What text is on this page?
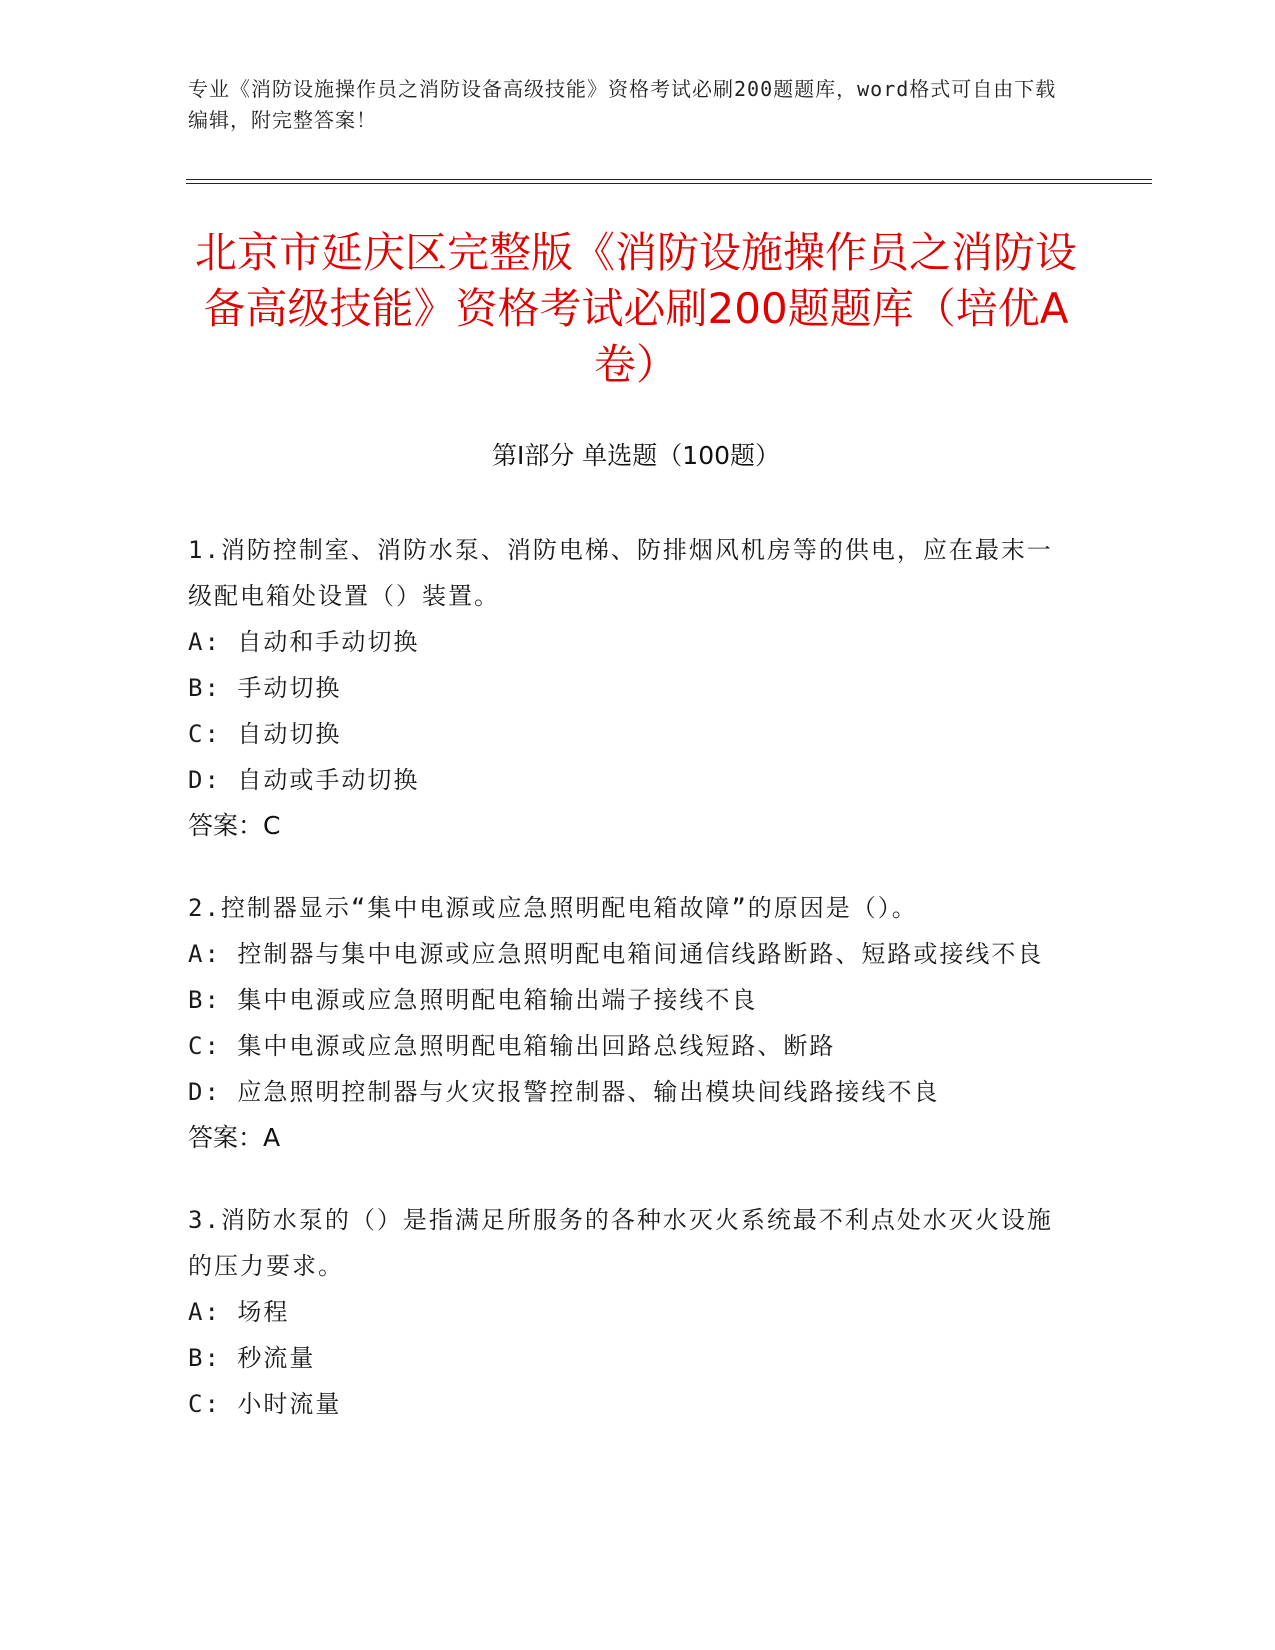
专业《消防设施操作员之消防设备高级技能》资格考试必刷200题题库，word格式可自由下载编辑，附完整答案！
北京市延庆区完整版《消防设施操作员之消防设备高级技能》资格考试必刷200题题库（培优A卷）
第I部分 单选题（100题）
1.消防控制室、消防水泵、消防电梯、防排烟风机房等的供电，应在最末一级配电箱处设置（）装置。
A: 自动和手动切换
B: 手动切换
C: 自动切换
D: 自动或手动切换
答案：C
2.控制器显示“集中电源或应急照明配电箱故障”的原因是（）。
A: 控制器与集中电源或应急照明配电箱间通信线路断路、短路或接线不良
B: 集中电源或应急照明配电箱输出端子接线不良
C: 集中电源或应急照明配电箱输出回路总线短路、断路
D: 应急照明控制器与火灾报警控制器、输出模块间线路接线不良
答案：A
3.消防水泵的（）是指满足所服务的各种水灭火系统最不利点处水灭火设施的压力要求。
A: 场程
B: 秒流量
C: 小时流量
